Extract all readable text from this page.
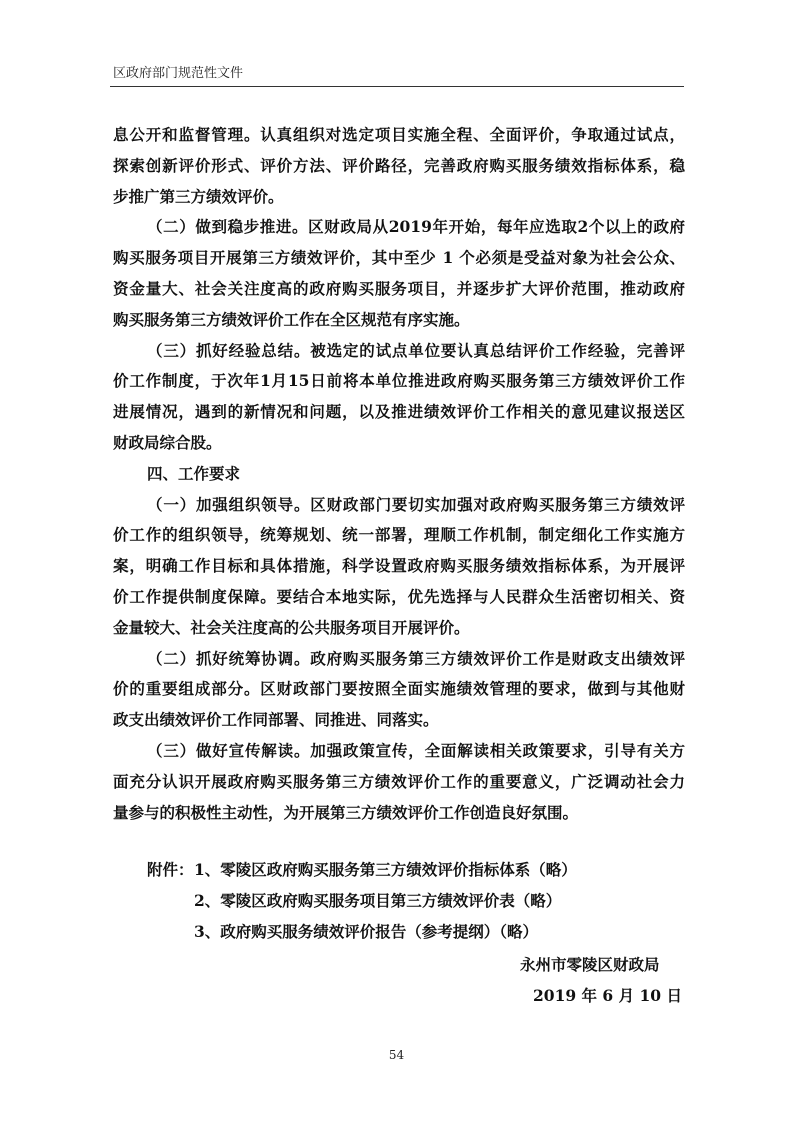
区政府部门规范性文件
息公开和监督管理。认真组织对选定项目实施全程、全面评价，争取通过试点，
探索创新评价形式、评价方法、评价路径，完善政府购买服务绩效指标体系，稳
步推广第三方绩效评价。
（二）做到稳步推进。区财政局从2019年开始，每年应选取2个以上的政府
购买服务项目开展第三方绩效评价，其中至少 1 个必须是受益对象为社会公众、
资金量大、社会关注度高的政府购买服务项目，并逐步扩大评价范围，推动政府
购买服务第三方绩效评价工作在全区规范有序实施。
（三）抓好经验总结。被选定的试点单位要认真总结评价工作经验，完善评
价工作制度，于次年1月15日前将本单位推进政府购买服务第三方绩效评价工作
进展情况，遇到的新情况和问题，以及推进绩效评价工作相关的意见建议报送区
财政局综合股。
四、工作要求
（一）加强组织领导。区财政部门要切实加强对政府购买服务第三方绩效评
价工作的组织领导，统筹规划、统一部署，理顺工作机制，制定细化工作实施方
案，明确工作目标和具体措施，科学设置政府购买服务绩效指标体系，为开展评
价工作提供制度保障。要结合本地实际，优先选择与人民群众生活密切相关、资
金量较大、社会关注度高的公共服务项目开展评价。
（二）抓好统筹协调。政府购买服务第三方绩效评价工作是财政支出绩效评
价的重要组成部分。区财政部门要按照全面实施绩效管理的要求，做到与其他财
政支出绩效评价工作同部署、同推进、同落实。
（三）做好宣传解读。加强政策宣传，全面解读相关政策要求，引导有关方
面充分认识开展政府购买服务第三方绩效评价工作的重要意义，广泛调动社会力
量参与的积极性主动性，为开展第三方绩效评价工作创造良好氛围。
附件： 1、零陵区政府购买服务第三方绩效评价指标体系（略）
2、零陵区政府购买服务项目第三方绩效评价表（略）
3、政府购买服务绩效评价报告（参考提纲）（略）
永州市零陵区财政局
2019 年 6 月 10 日
54
